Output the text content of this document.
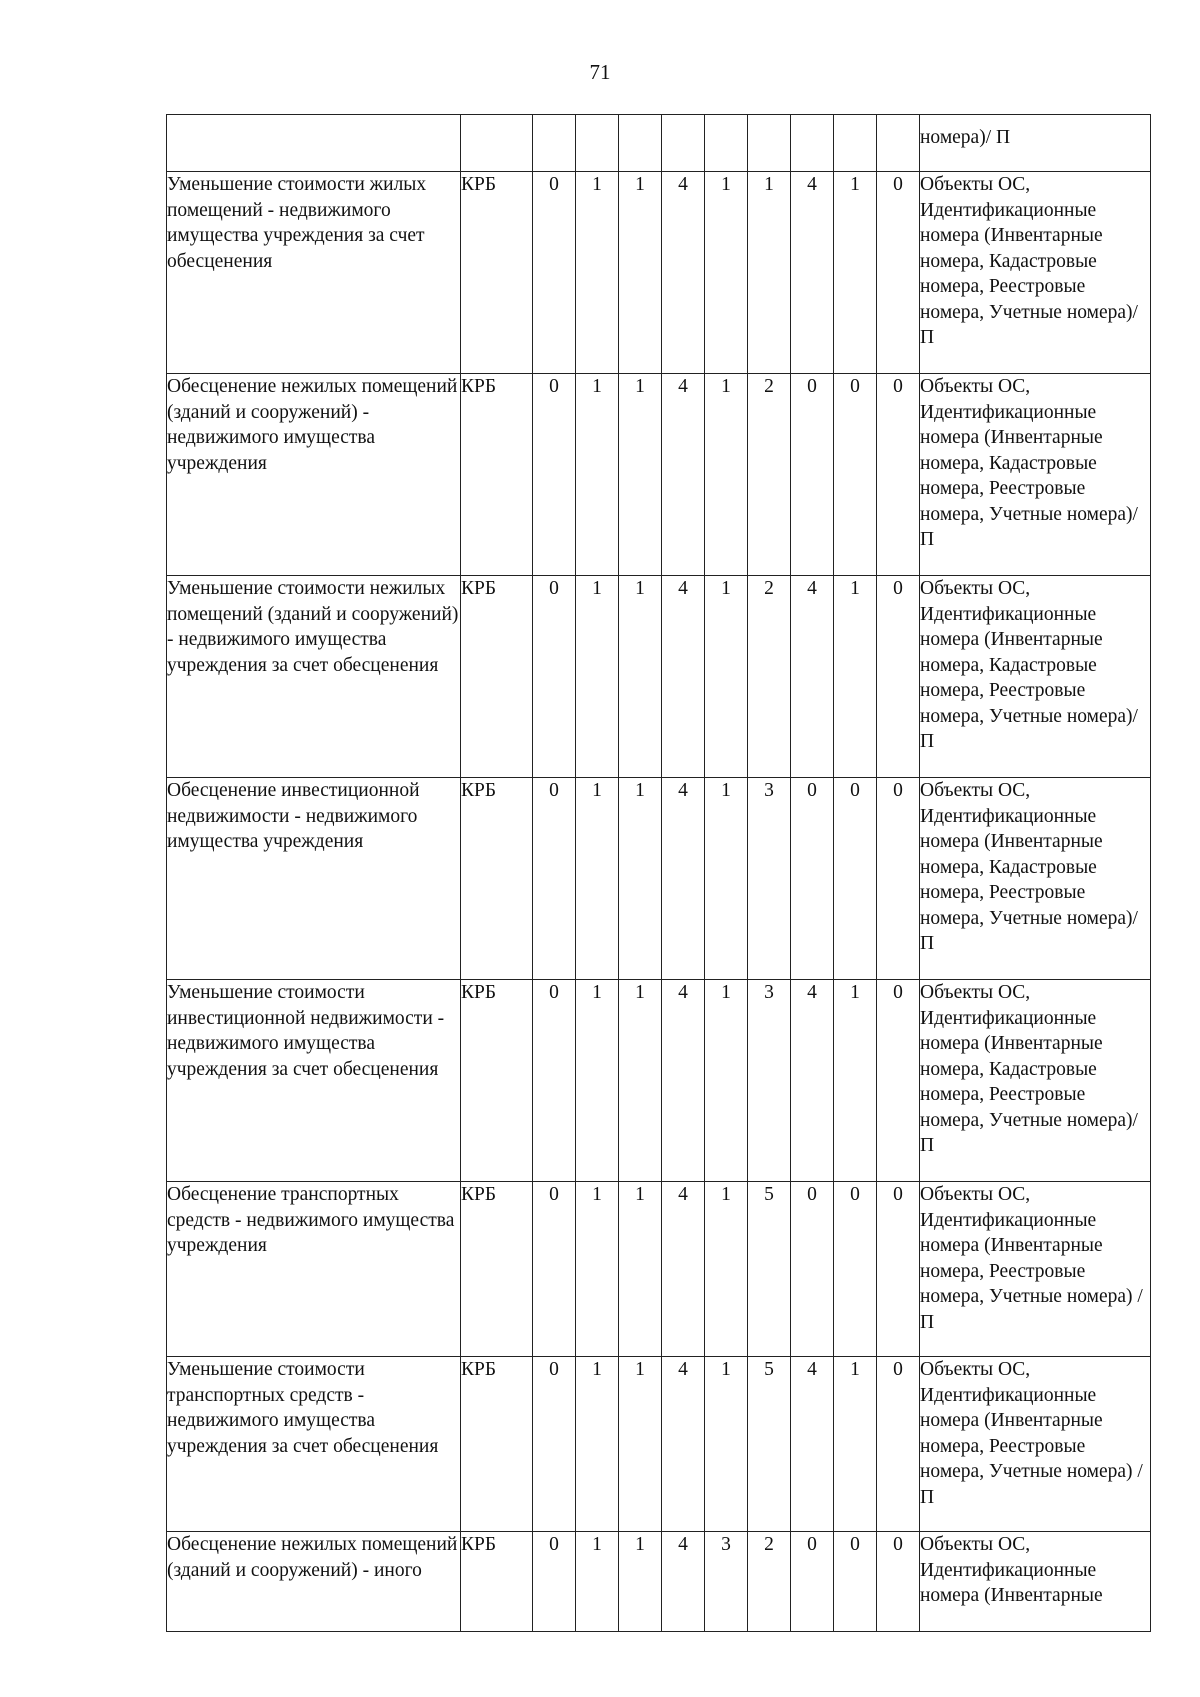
71
											номера)/ П
Уменьшение стоимости жилых помещений - недвижимого имущества учреждения за счет обесценения	КРБ	0	1	1	4	1	1	4	1	0	Объекты ОС, Идентификационные номера (Инвентарные номера, Кадастровые номера, Реестровые номера, Учетные номера)/ П
Обесценение нежилых помещений (зданий и сооружений) - недвижимого имущества учреждения	КРБ	0	1	1	4	1	2	0	0	0	Объекты ОС, Идентификационные номера (Инвентарные номера, Кадастровые номера, Реестровые номера, Учетные номера)/ П
Уменьшение стоимости нежилых помещений (зданий и сооружений) - недвижимого имущества учреждения за счет обесценения	КРБ	0	1	1	4	1	2	4	1	0	Объекты ОС, Идентификационные номера (Инвентарные номера, Кадастровые номера, Реестровые номера, Учетные номера)/ П
Обесценение инвестиционной недвижимости - недвижимого имущества учреждения	КРБ	0	1	1	4	1	3	0	0	0	Объекты ОС, Идентификационные номера (Инвентарные номера, Кадастровые номера, Реестровые номера, Учетные номера)/ П
Уменьшение стоимости инвестиционной недвижимости - недвижимого имущества учреждения за счет обесценения	КРБ	0	1	1	4	1	3	4	1	0	Объекты ОС, Идентификационные номера (Инвентарные номера, Кадастровые номера, Реестровые номера, Учетные номера)/ П
Обесценение транспортных средств - недвижимого имущества учреждения	КРБ	0	1	1	4	1	5	0	0	0	Объекты ОС, Идентификационные номера (Инвентарные номера, Реестровые номера, Учетные номера) / П
Уменьшение стоимости транспортных средств - недвижимого имущества учреждения за счет обесценения	КРБ	0	1	1	4	1	5	4	1	0	Объекты ОС, Идентификационные номера (Инвентарные номера, Реестровые номера, Учетные номера) / П
Обесценение нежилых помещений (зданий и сооружений) - иного	КРБ	0	1	1	4	3	2	0	0	0	Объекты ОС, Идентификационные номера (Инвентарные
